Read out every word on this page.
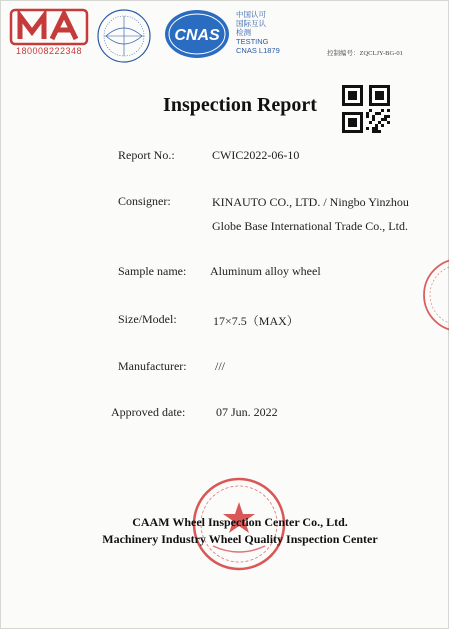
180008222348
CNAS
中国认可
国际互认
检测
TESTING
CNAS L1879	控制编号：ZQCLJY-BG-01
Inspection Report
Report No.:	CWIC2022-06-10
Consigner:	KINAUTO CO., LTD. / Ningbo Yinzhou
Globe Base International Trade Co., Ltd.
Sample name: Aluminum alloy wheel
Size/Model:	17×7.5（MAX）
Manufacturer: ///
Approved date:	07 Jun. 2022
CAAM Wheel Inspection Center Co., Ltd.
Machinery Industry Wheel Quality Inspection Center
